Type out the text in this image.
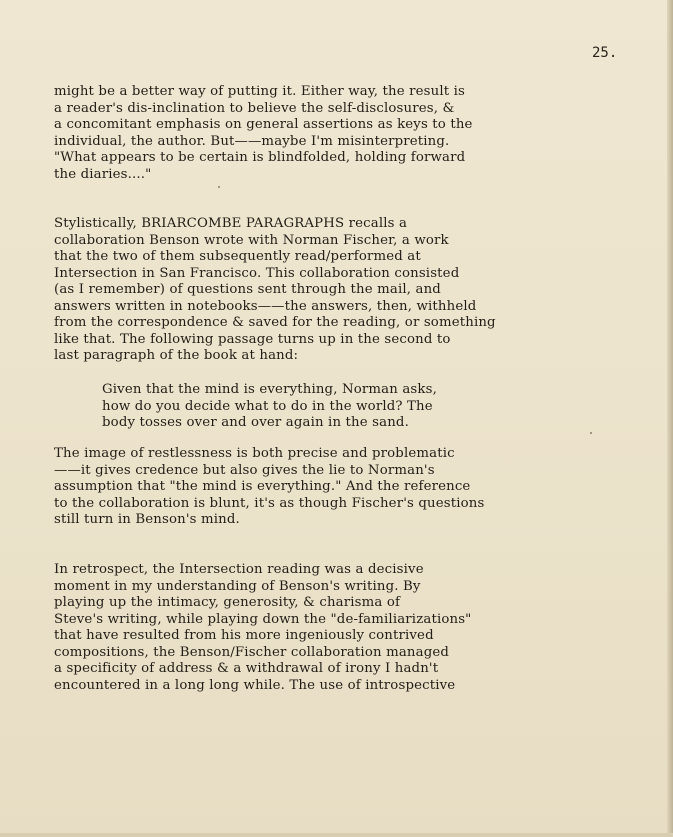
25.
might be a better way of putting it. Either way, the result is
a reader's dis-inclination to believe the self-disclosures, &
a concomitant emphasis on general assertions as keys to the
individual, the author. But——maybe I'm misinterpreting.
"What appears to be certain is blindfolded, holding forward
the diaries...."
Stylistically, BRIARCOMBE PARAGRAPHS recalls a
collaboration Benson wrote with Norman Fischer, a work
that the two of them subsequently read/performed at
Intersection in San Francisco. This collaboration consisted
(as I remember) of questions sent through the mail, and
answers written in notebooks——the answers, then, withheld
from the correspondence & saved for the reading, or something
like that. The following passage turns up in the second to
last paragraph of the book at hand:
Given that the mind is everything, Norman asks,
how do you decide what to do in the world? The
body tosses over and over again in the sand.
The image of restlessness is both precise and problematic
——it gives credence but also gives the lie to Norman's
assumption that "the mind is everything." And the reference
to the collaboration is blunt, it's as though Fischer's questions
still turn in Benson's mind.
In retrospect, the Intersection reading was a decisive
moment in my understanding of Benson's writing. By
playing up the intimacy, generosity, & charisma of
Steve's writing, while playing down the "de-familiarizations"
that have resulted from his more ingeniously contrived
compositions, the Benson/Fischer collaboration managed
a specificity of address & a withdrawal of irony I hadn't
encountered in a long long while. The use of introspective
